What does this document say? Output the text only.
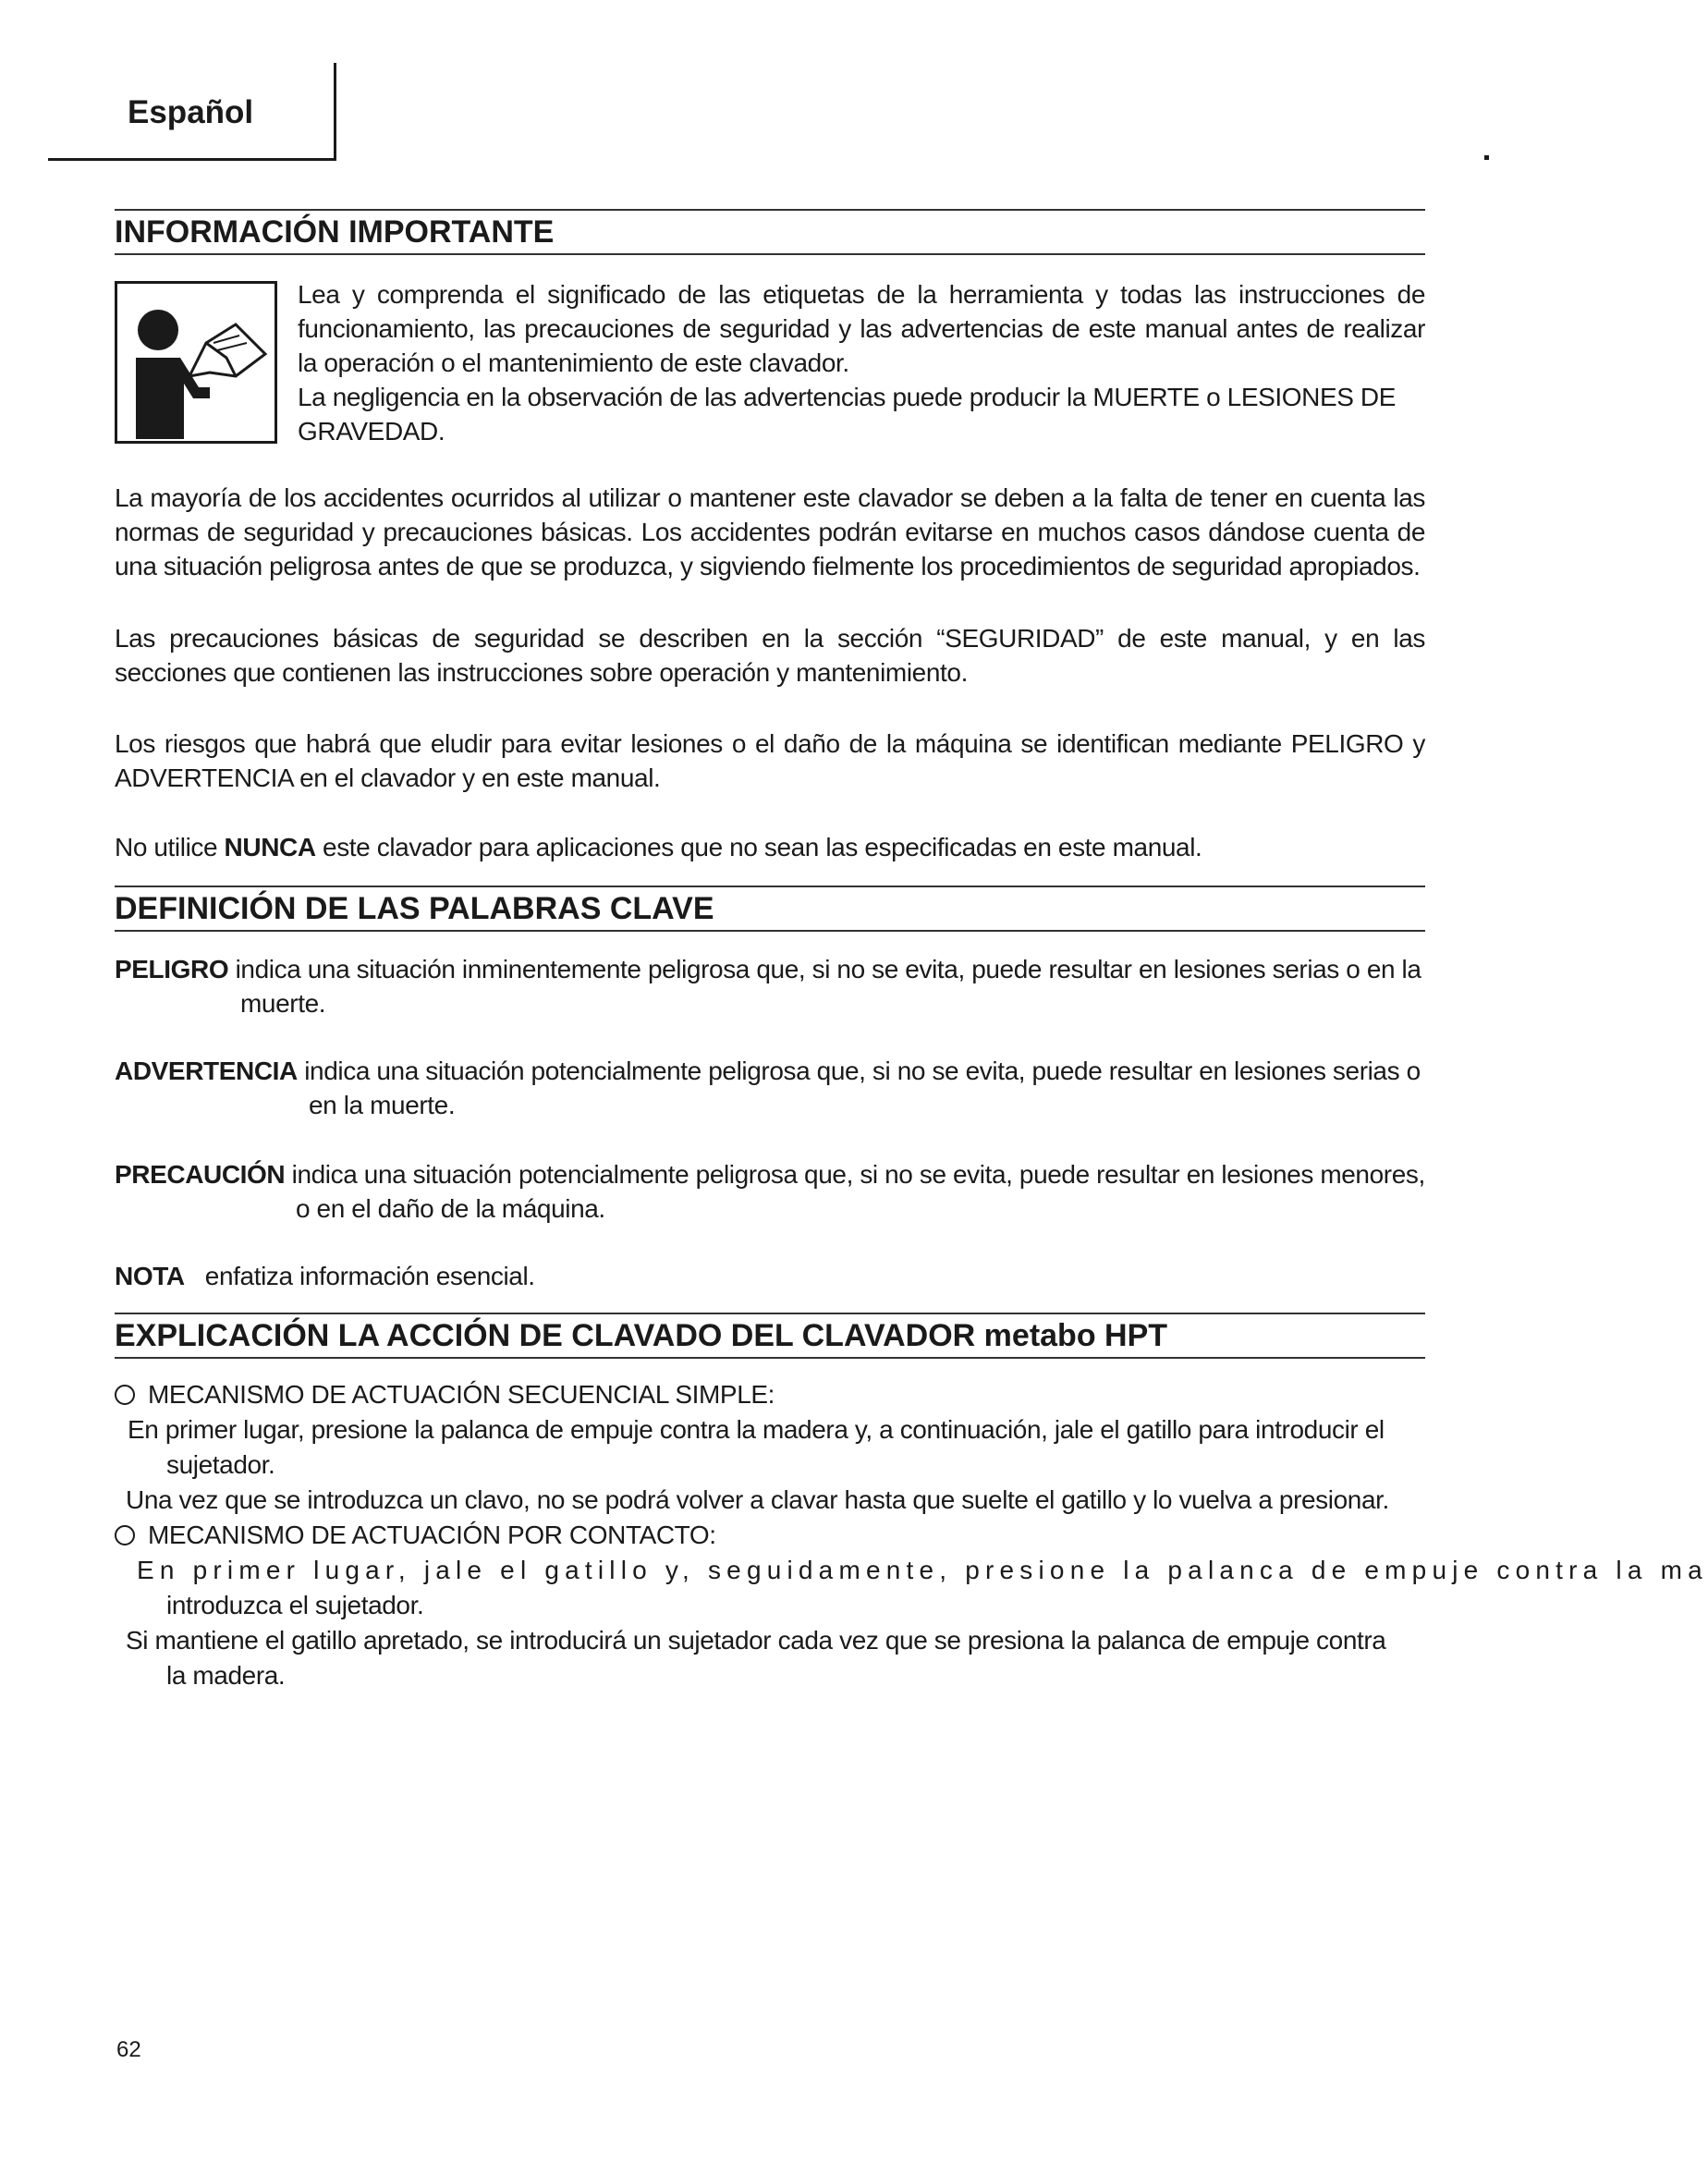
Español
INFORMACIÓN IMPORTANTE

Lea y comprenda el significado de las etiquetas de la herramienta y todas las instrucciones de funcionamiento, las precauciones de seguridad y las advertencias de este manual antes de realizar la operación o el mantenimiento de este clavador.

La negligencia en la observación de las advertencias puede producir la MUERTE o LESIONES DE GRAVEDAD.

La mayoría de los accidentes ocurridos al utilizar o mantener este clavador se deben a la falta de tener en cuenta las normas de seguridad y precauciones básicas. Los accidentes podrán evitarse en muchos casos dándose cuenta de una situación peligrosa antes de que se produzca, y sigviendo fielmente los procedimientos de seguridad apropiados.

Las precauciones básicas de seguridad se describen en la sección “SEGURIDAD” de este manual, y en las secciones que contienen las instrucciones sobre operación y mantenimiento.

Los riesgos que habrá que eludir para evitar lesiones o el daño de la máquina se identifican mediante PELIGRO y ADVERTENCIA en el clavador y en este manual.

No utilice NUNCA este clavador para aplicaciones que no sean las especificadas en este manual.

DEFINICIÓN DE LAS PALABRAS CLAVE
PELIGRO indica una situación inminentemente peligrosa que, si no se evita, puede resultar en lesiones serias o en la
muerte.
ADVERTENCIA indica una situación potencialmente peligrosa que, si no se evita, puede resultar en lesiones serias o
en la muerte.
PRECAUCIÓN indica una situación potencialmente peligrosa que, si no se evita, puede resultar en lesiones menores,
o en el daño de la máquina.
NOTA enfatiza información esencial.
EXPLICACIÓN LA ACCIÓN DE CLAVADO DEL CLAVADOR metabo HPT
MECANISMO DE ACTUACIÓN SECUENCIAL SIMPLE:
En primer lugar, presione la palanca de empuje contra la madera y, a continuación, jale el gatillo para introducir el
sujetador.
Una vez que se introduzca un clavo, no se podrá volver a clavar hasta que suelte el gatillo y lo vuelva a presionar.
MECANISMO DE ACTUACIÓN POR CONTACTO:
En primer lugar, jale el gatillo y, seguidamente, presione la palanca de empuje contra la ma
introduzca el sujetador.
Si mantiene el gatillo apretado, se introducirá un sujetador cada vez que se presiona la palanca de empuje contra
la madera.
62
